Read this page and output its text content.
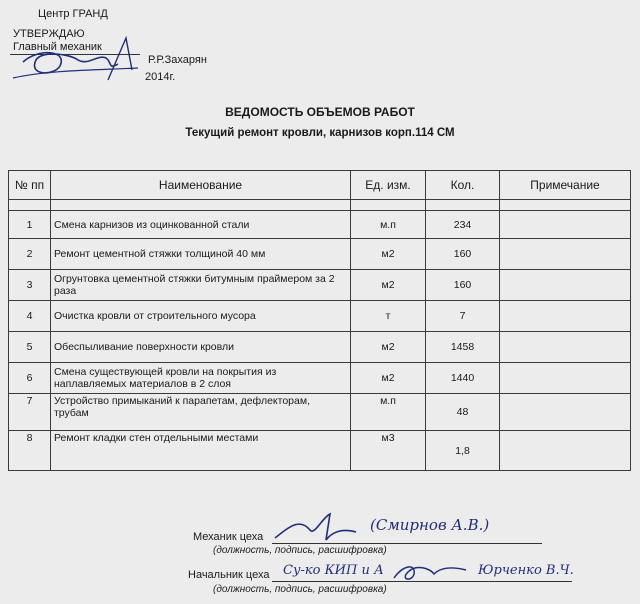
Центр ГРАНД
УТВЕРЖДАЮ
Главный механик
Р.Р.Захарян
2014г.
ВЕДОМОСТЬ ОБЪЕМОВ РАБОТ
Текущий ремонт кровли, карнизов корп.114 СМ
№ пп	Наименование	Ед. изм.	Кол.	Примечание

1	Смена карнизов из оцинкованной стали	м.п	234	
2	Ремонт цементной стяжки толщиной 40 мм	м2	160	
3	Огрунтовка цементной стяжки битумным праймером за 2 раза	м2	160	
4	Очистка кровли от строительного мусора	т	7	
5	Обеспыливание поверхности кровли	м2	1458	
6	Смена существующей кровли на покрытия из наплавляемых материалов в 2 слоя	м2	1440	
7	Устройство примыканий к парапетам, дефлекторам, трубам	м.п	48	
8	Ремонт кладки стен отдельными местами	м3	1,8	
Механик цеха
(должность, подпись, расшифровка)
(Смирнов А.В.)
Начальник цеха
(должность, подпись, расшифровка)
Су-ко КИП и А	Юрченко В.Ч.
